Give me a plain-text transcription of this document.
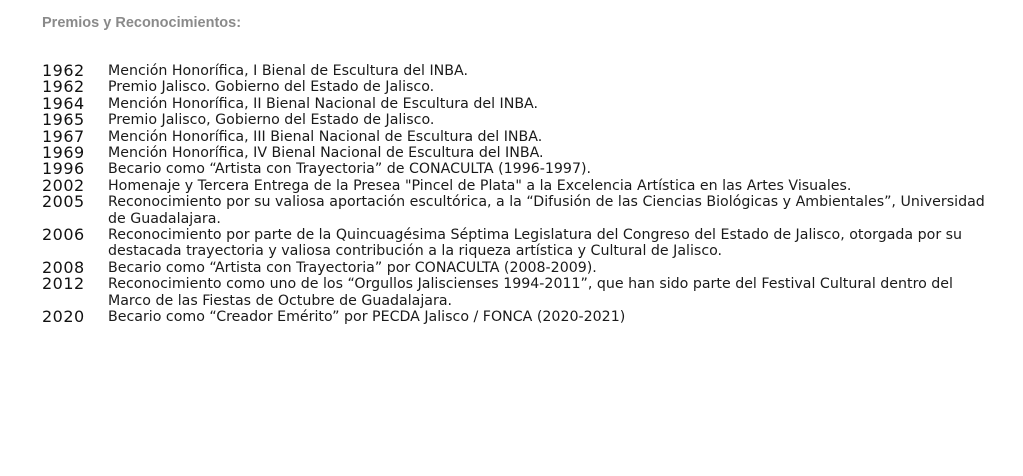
Premios y Reconocimientos:
1962	Mención Honorífica, I Bienal de Escultura del INBA.
1962	Premio Jalisco. Gobierno del Estado de Jalisco.
1964	Mención Honorífica, II Bienal Nacional de Escultura del INBA.
1965	Premio Jalisco, Gobierno del Estado de Jalisco.
1967	Mención Honorífica, III Bienal Nacional de Escultura del INBA.
1969	Mención Honorífica, IV Bienal Nacional de Escultura del INBA.
1996	Becario como “Artista con Trayectoria” de CONACULTA (1996-1997).
2002	Homenaje y Tercera Entrega de la Presea "Pincel de Plata" a la Excelencia Artística en las Artes Visuales.
2005	Reconocimiento por su valiosa aportación escultórica, a la “Difusión de las Ciencias Biológicas y Ambientales”, Universidad de Guadalajara.
2006	Reconocimiento por parte de la Quincuagésima Séptima Legislatura del Congreso del Estado de Jalisco, otorgada por su destacada trayectoria y valiosa contribución a la riqueza artística y Cultural de Jalisco.
2008	Becario como “Artista con Trayectoria” por CONACULTA (2008-2009).
2012	Reconocimiento como uno de los “Orgullos Jaliscienses 1994-2011”, que han sido parte del Festival Cultural dentro del Marco de las Fiestas de Octubre de Guadalajara.
2020	Becario como “Creador Emérito” por PECDA Jalisco / FONCA (2020-2021)
